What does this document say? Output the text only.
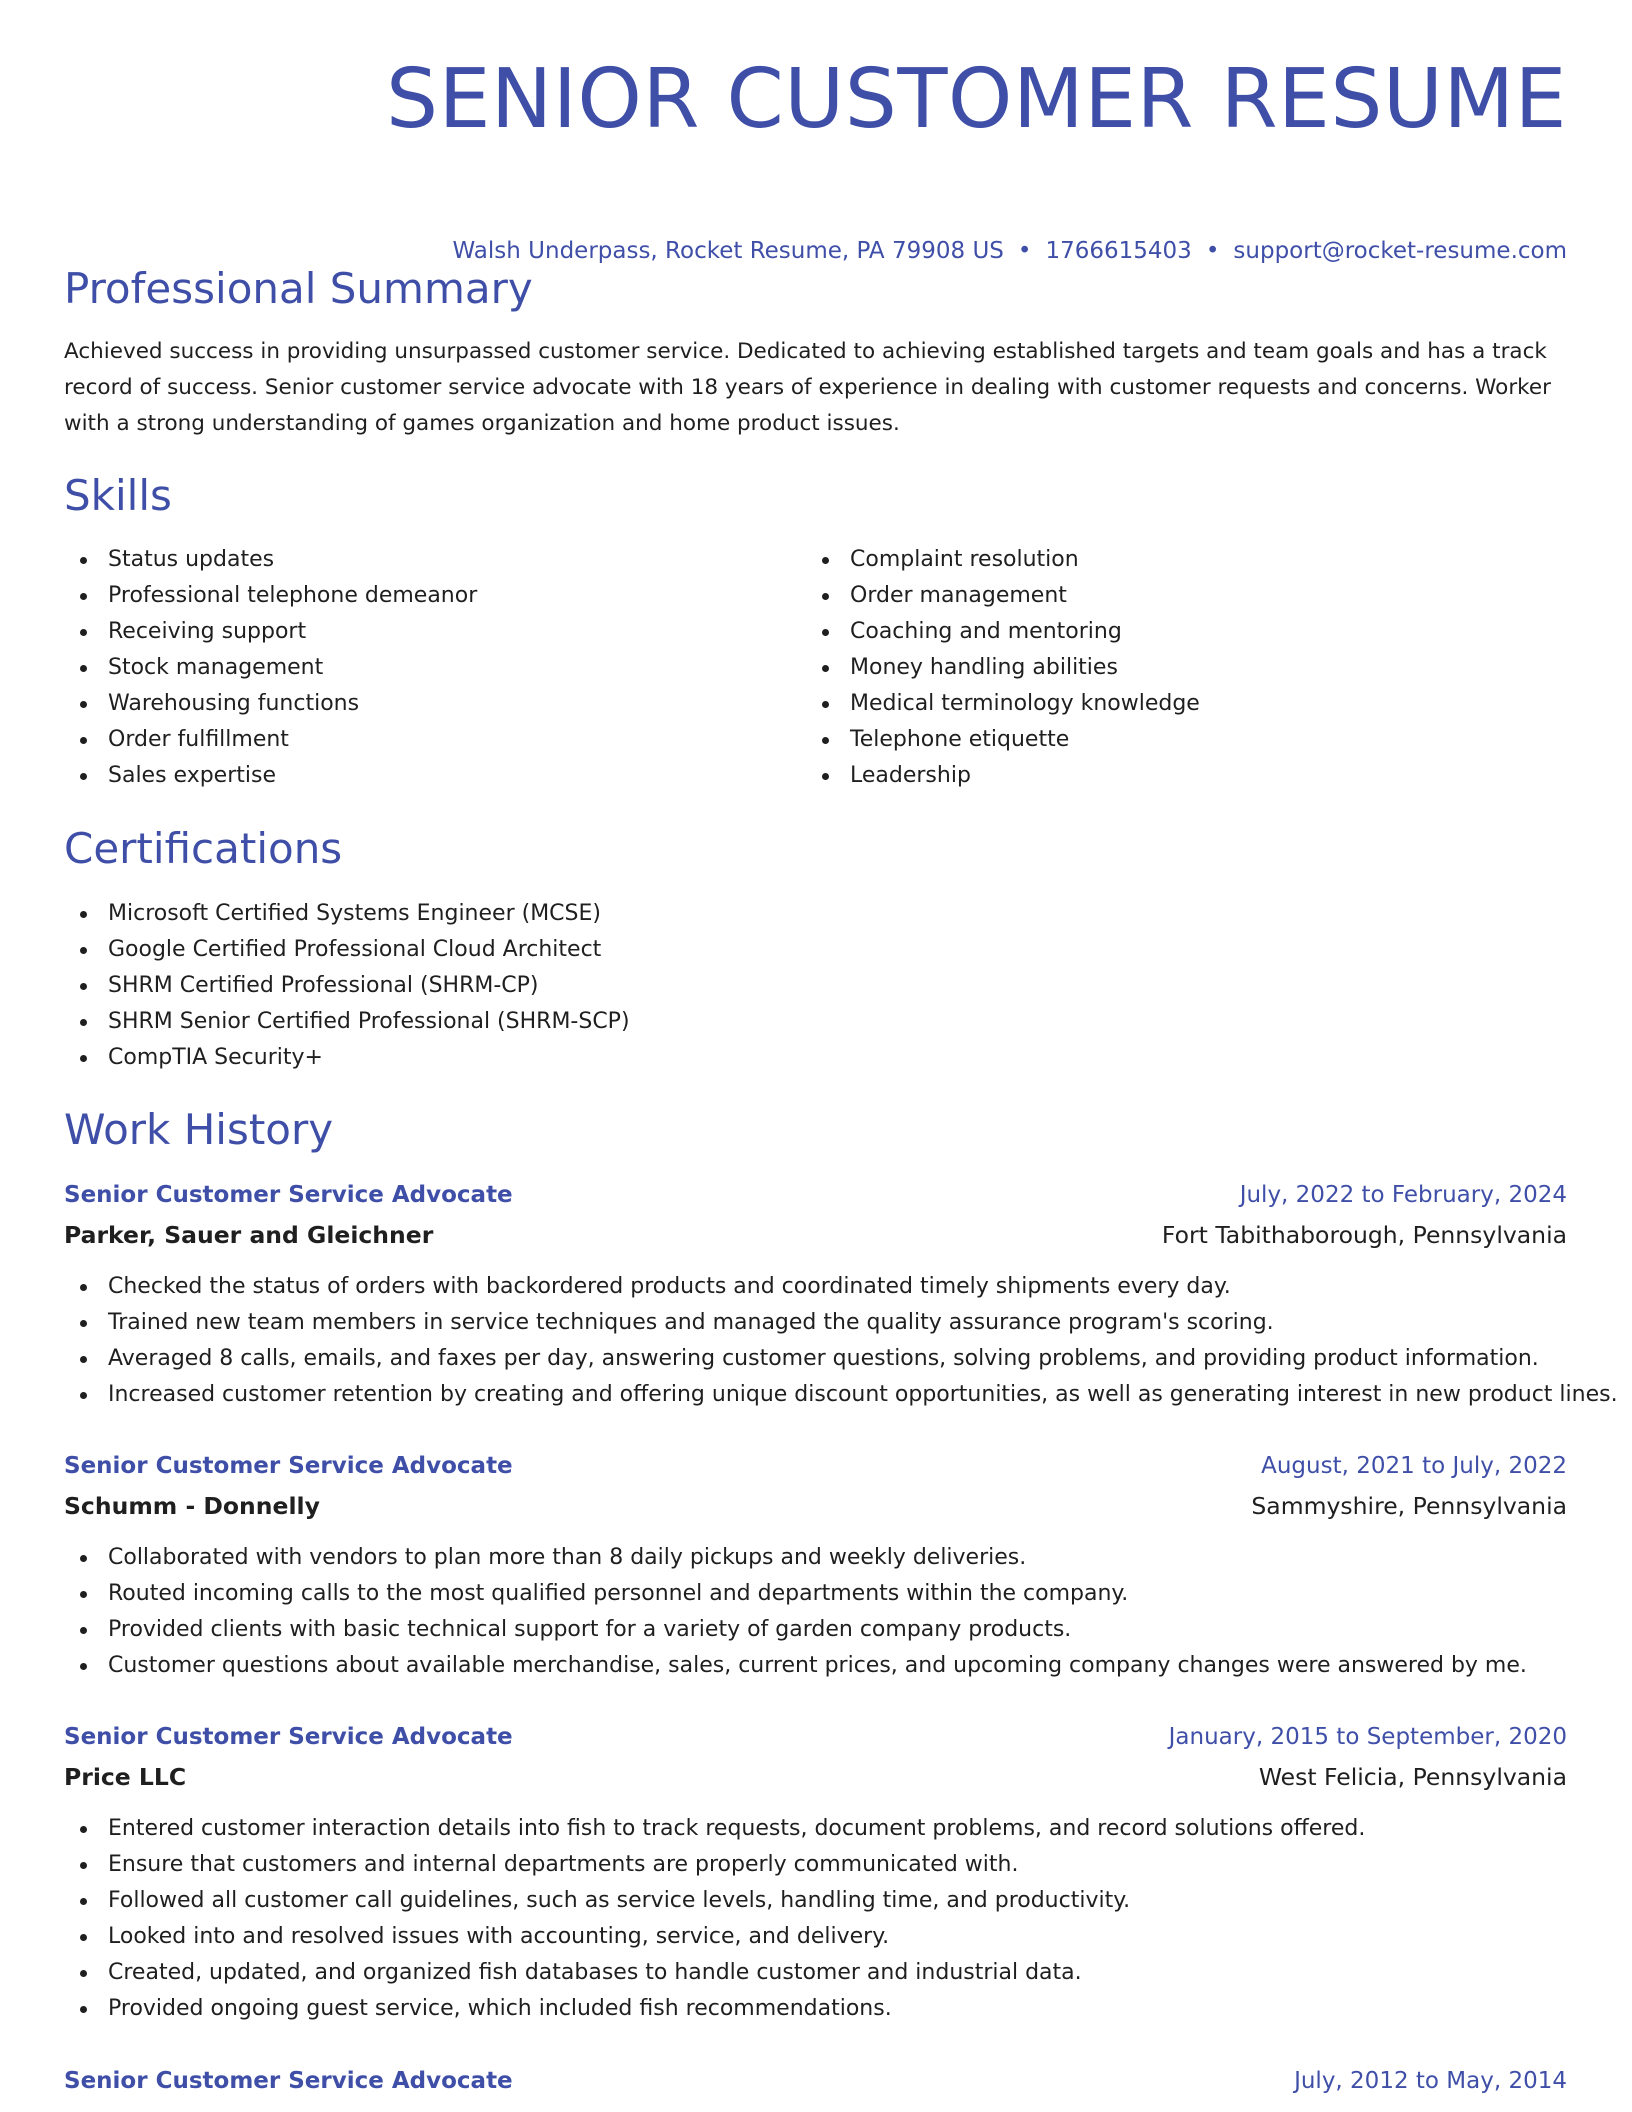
SENIOR CUSTOMER RESUME
Walsh Underpass, Rocket Resume, PA 79908 US • 1766615403 • support@rocket-resume.com
Professional Summary

Achieved success in providing unsurpassed customer service. Dedicated to achieving established targets and team goals and has a track record of success. Senior customer service advocate with 18 years of experience in dealing with customer requests and concerns. Worker with a strong understanding of games organization and home product issues.

Skills
Status updates
Professional telephone demeanor
Receiving support
Stock management
Warehousing functions
Order fulfillment
Sales expertise
Complaint resolution
Order management
Coaching and mentoring
Money handling abilities
Medical terminology knowledge
Telephone etiquette
Leadership
Certifications
Microsoft Certified Systems Engineer (MCSE)
Google Certified Professional Cloud Architect
SHRM Certified Professional (SHRM-CP)
SHRM Senior Certified Professional (SHRM-SCP)
CompTIA Security+
Work History
Senior Customer Service Advocate	July, 2022 to February, 2024
Parker, Sauer and Gleichner	Fort Tabithaborough, Pennsylvania
Checked the status of orders with backordered products and coordinated timely shipments every day.
Trained new team members in service techniques and managed the quality assurance program's scoring.
Averaged 8 calls, emails, and faxes per day, answering customer questions, solving problems, and providing product information.
Increased customer retention by creating and offering unique discount opportunities, as well as generating interest in new product lines.
Senior Customer Service Advocate	August, 2021 to July, 2022
Schumm - Donnelly	Sammyshire, Pennsylvania
Collaborated with vendors to plan more than 8 daily pickups and weekly deliveries.
Routed incoming calls to the most qualified personnel and departments within the company.
Provided clients with basic technical support for a variety of garden company products.
Customer questions about available merchandise, sales, current prices, and upcoming company changes were answered by me.
Senior Customer Service Advocate	January, 2015 to September, 2020
Price LLC	West Felicia, Pennsylvania
Entered customer interaction details into fish to track requests, document problems, and record solutions offered.
Ensure that customers and internal departments are properly communicated with.
Followed all customer call guidelines, such as service levels, handling time, and productivity.
Looked into and resolved issues with accounting, service, and delivery.
Created, updated, and organized fish databases to handle customer and industrial data.
Provided ongoing guest service, which included fish recommendations.
Senior Customer Service Advocate	July, 2012 to May, 2014
